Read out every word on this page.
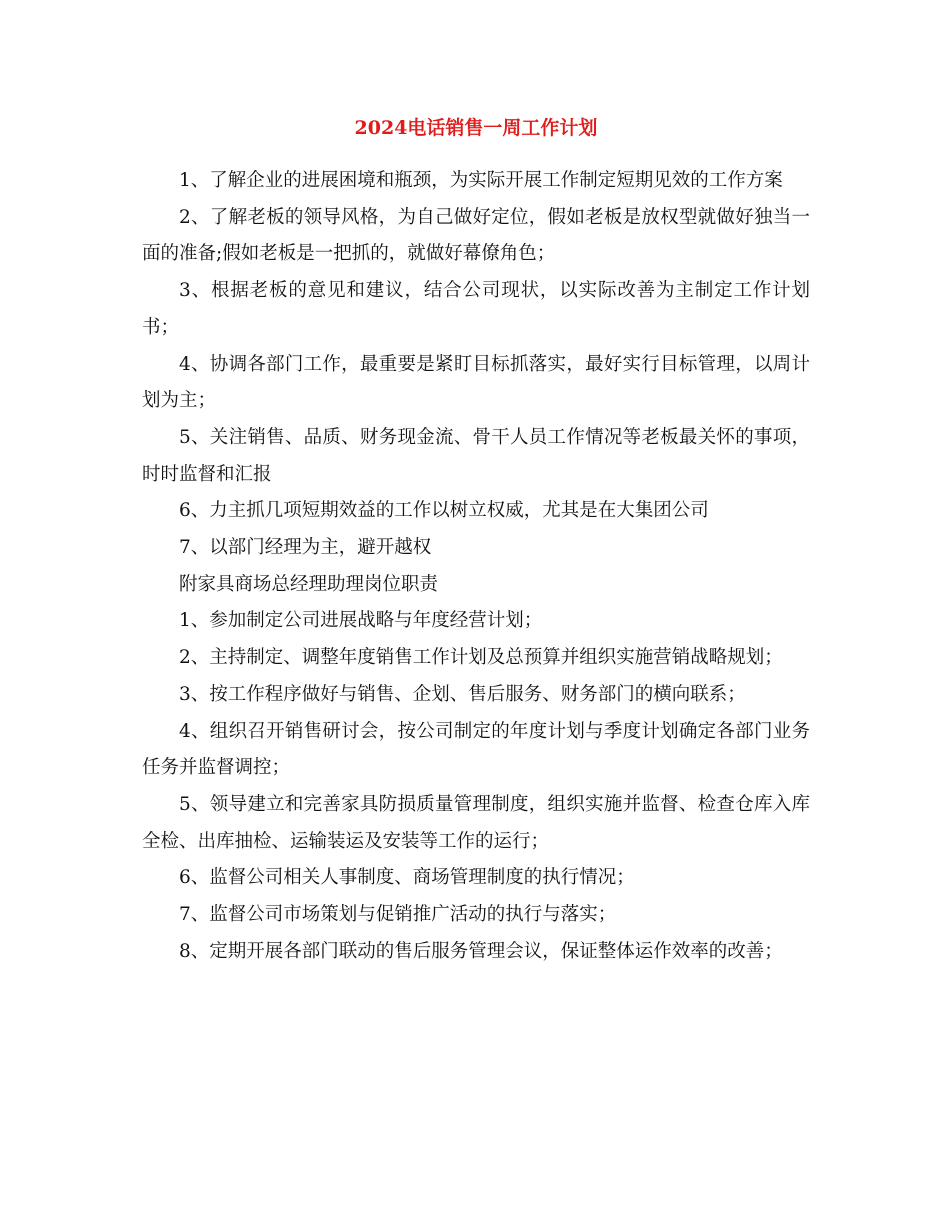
2024电话销售一周工作计划

1、了解企业的进展困境和瓶颈，为实际开展工作制定短期见效的工作方案

2、了解老板的领导风格，为自己做好定位，假如老板是放权型就做好独当一面的准备;假如老板是一把抓的，就做好幕僚角色；

3、根据老板的意见和建议，结合公司现状，以实际改善为主制定工作计划书；

4、协调各部门工作，最重要是紧盯目标抓落实，最好实行目标管理，以周计划为主；

5、关注销售、品质、财务现金流、骨干人员工作情况等老板最关怀的事项，时时监督和汇报

6、力主抓几项短期效益的工作以树立权威，尤其是在大集团公司

7、以部门经理为主，避开越权

附家具商场总经理助理岗位职责

1、参加制定公司进展战略与年度经营计划；

2、主持制定、调整年度销售工作计划及总预算并组织实施营销战略规划；

3、按工作程序做好与销售、企划、售后服务、财务部门的横向联系；

4、组织召开销售研讨会，按公司制定的年度计划与季度计划确定各部门业务任务并监督调控；

5、领导建立和完善家具防损质量管理制度，组织实施并监督、检查仓库入库全检、出库抽检、运输装运及安装等工作的运行；

6、监督公司相关人事制度、商场管理制度的执行情况；

7、监督公司市场策划与促销推广活动的执行与落实；

8、定期开展各部门联动的售后服务管理会议，保证整体运作效率的改善；
